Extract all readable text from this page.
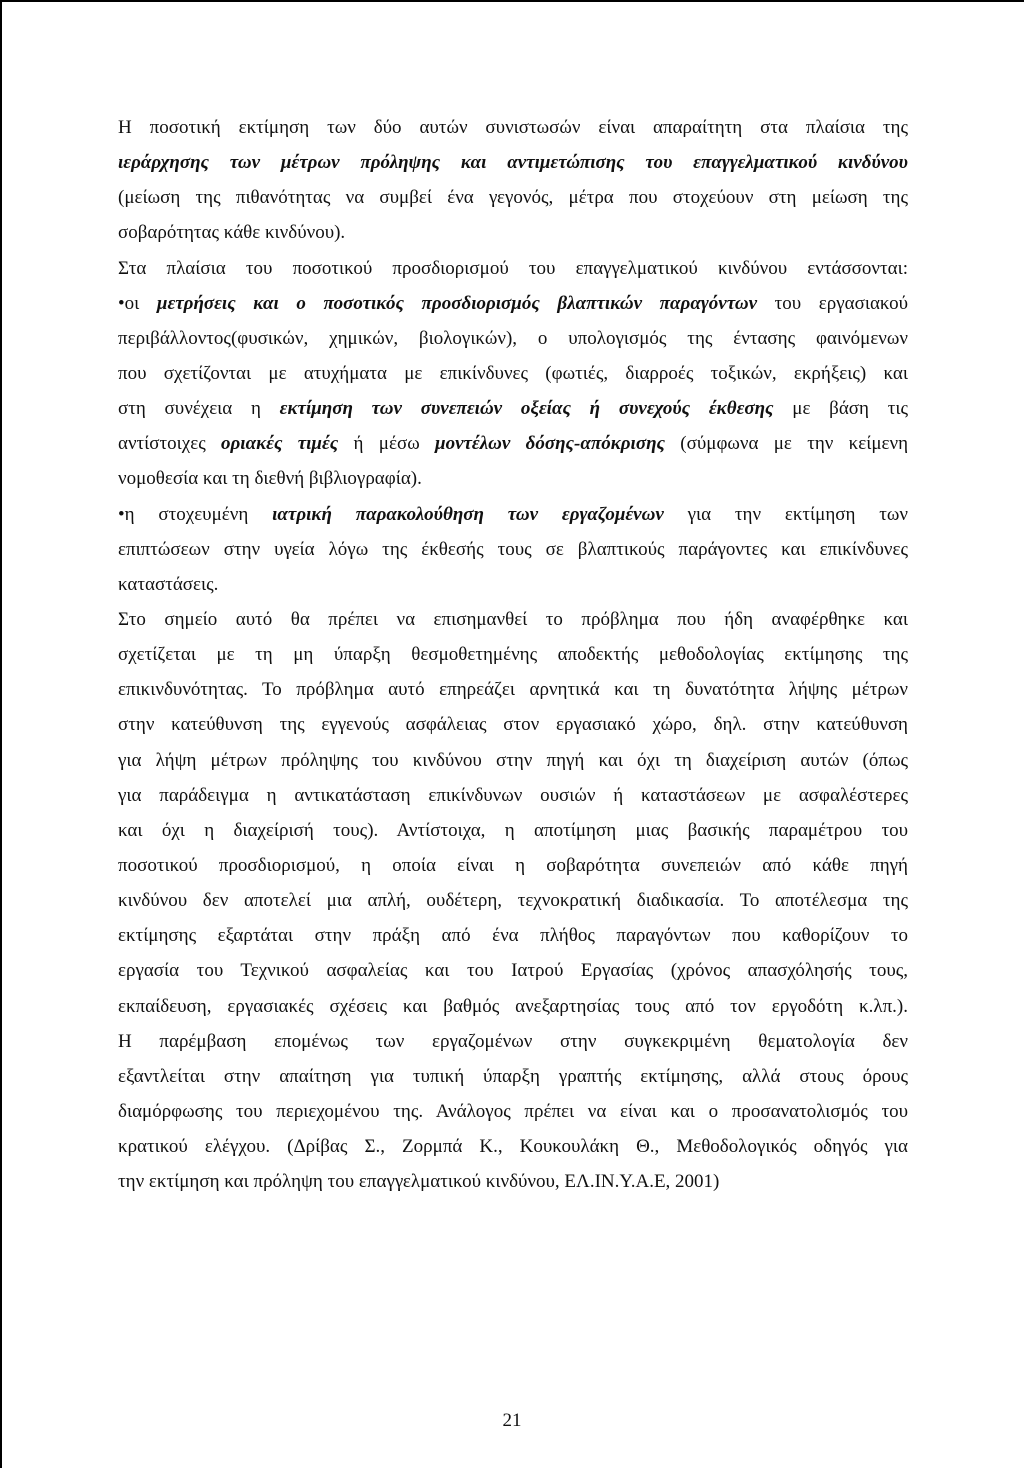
Η ποσοτική εκτίμηση των δύο αυτών συνιστωσών είναι απαραίτητη στα πλαίσια της
ιεράρχησης των μέτρων πρόληψης και αντιμετώπισης του επαγγελματικού κινδύνου
(μείωση της πιθανότητας να συμβεί ένα γεγονός, μέτρα που στοχεύουν στη μείωση της
σοβαρότητας κάθε κινδύνου).
Στα πλαίσια του ποσοτικού προσδιορισμού του επαγγελματικού κινδύνου εντάσσονται:
•οι μετρήσεις και ο ποσοτικός προσδιορισμός βλαπτικών παραγόντων του εργασιακού
περιβάλλοντος(φυσικών, χημικών, βιολογικών), ο υπολογισμός της έντασης φαινόμενων
που σχετίζονται με ατυχήματα με επικίνδυνες (φωτιές, διαρροές τοξικών, εκρήξεις) και
στη συνέχεια η εκτίμηση των συνεπειών οξείας ή συνεχούς έκθεσης με βάση τις
αντίστοιχες οριακές τιμές ή μέσω μοντέλων δόσης-απόκρισης (σύμφωνα με την κείμενη
νομοθεσία και τη διεθνή βιβλιογραφία).
•η στοχευμένη ιατρική παρακολούθηση των εργαζομένων για την εκτίμηση των
επιπτώσεων στην υγεία λόγω της έκθεσής τους σε βλαπτικούς παράγοντες και επικίνδυνες
καταστάσεις.
Στο σημείο αυτό θα πρέπει να επισημανθεί το πρόβλημα που ήδη αναφέρθηκε και
σχετίζεται με τη μη ύπαρξη θεσμοθετημένης αποδεκτής μεθοδολογίας εκτίμησης της
επικινδυνότητας. Το πρόβλημα αυτό επηρεάζει αρνητικά και τη δυνατότητα λήψης μέτρων
στην κατεύθυνση της εγγενούς ασφάλειας στον εργασιακό χώρο, δηλ. στην κατεύθυνση
για λήψη μέτρων πρόληψης του κινδύνου στην πηγή και όχι τη διαχείριση αυτών (όπως
για παράδειγμα η αντικατάσταση επικίνδυνων ουσιών ή καταστάσεων με ασφαλέστερες
και όχι η διαχείρισή τους). Αντίστοιχα, η αποτίμηση μιας βασικής παραμέτρου του
ποσοτικού προσδιορισμού, η οποία είναι η σοβαρότητα συνεπειών από κάθε πηγή
κινδύνου δεν αποτελεί μια απλή, ουδέτερη, τεχνοκρατική διαδικασία. Το αποτέλεσμα της
εκτίμησης εξαρτάται στην πράξη από ένα πλήθος παραγόντων που καθορίζουν το
εργασία του Τεχνικού ασφαλείας και του Ιατρού Εργασίας (χρόνος απασχόλησής τους,
εκπαίδευση, εργασιακές σχέσεις και βαθμός ανεξαρτησίας τους από τον εργοδότη κ.λπ.).
Η παρέμβαση επομένως των εργαζομένων στην συγκεκριμένη θεματολογία δεν
εξαντλείται στην απαίτηση για τυπική ύπαρξη γραπτής εκτίμησης, αλλά στους όρους
διαμόρφωσης του περιεχομένου της. Ανάλογος πρέπει να είναι και ο προσανατολισμός του
κρατικού ελέγχου. (Δρίβας Σ., Ζορμπά Κ., Κουκουλάκη Θ., Μεθοδολογικός οδηγός για
την εκτίμηση και πρόληψη του επαγγελματικού κινδύνου, ΕΛ.ΙΝ.Υ.Α.Ε, 2001)
21
